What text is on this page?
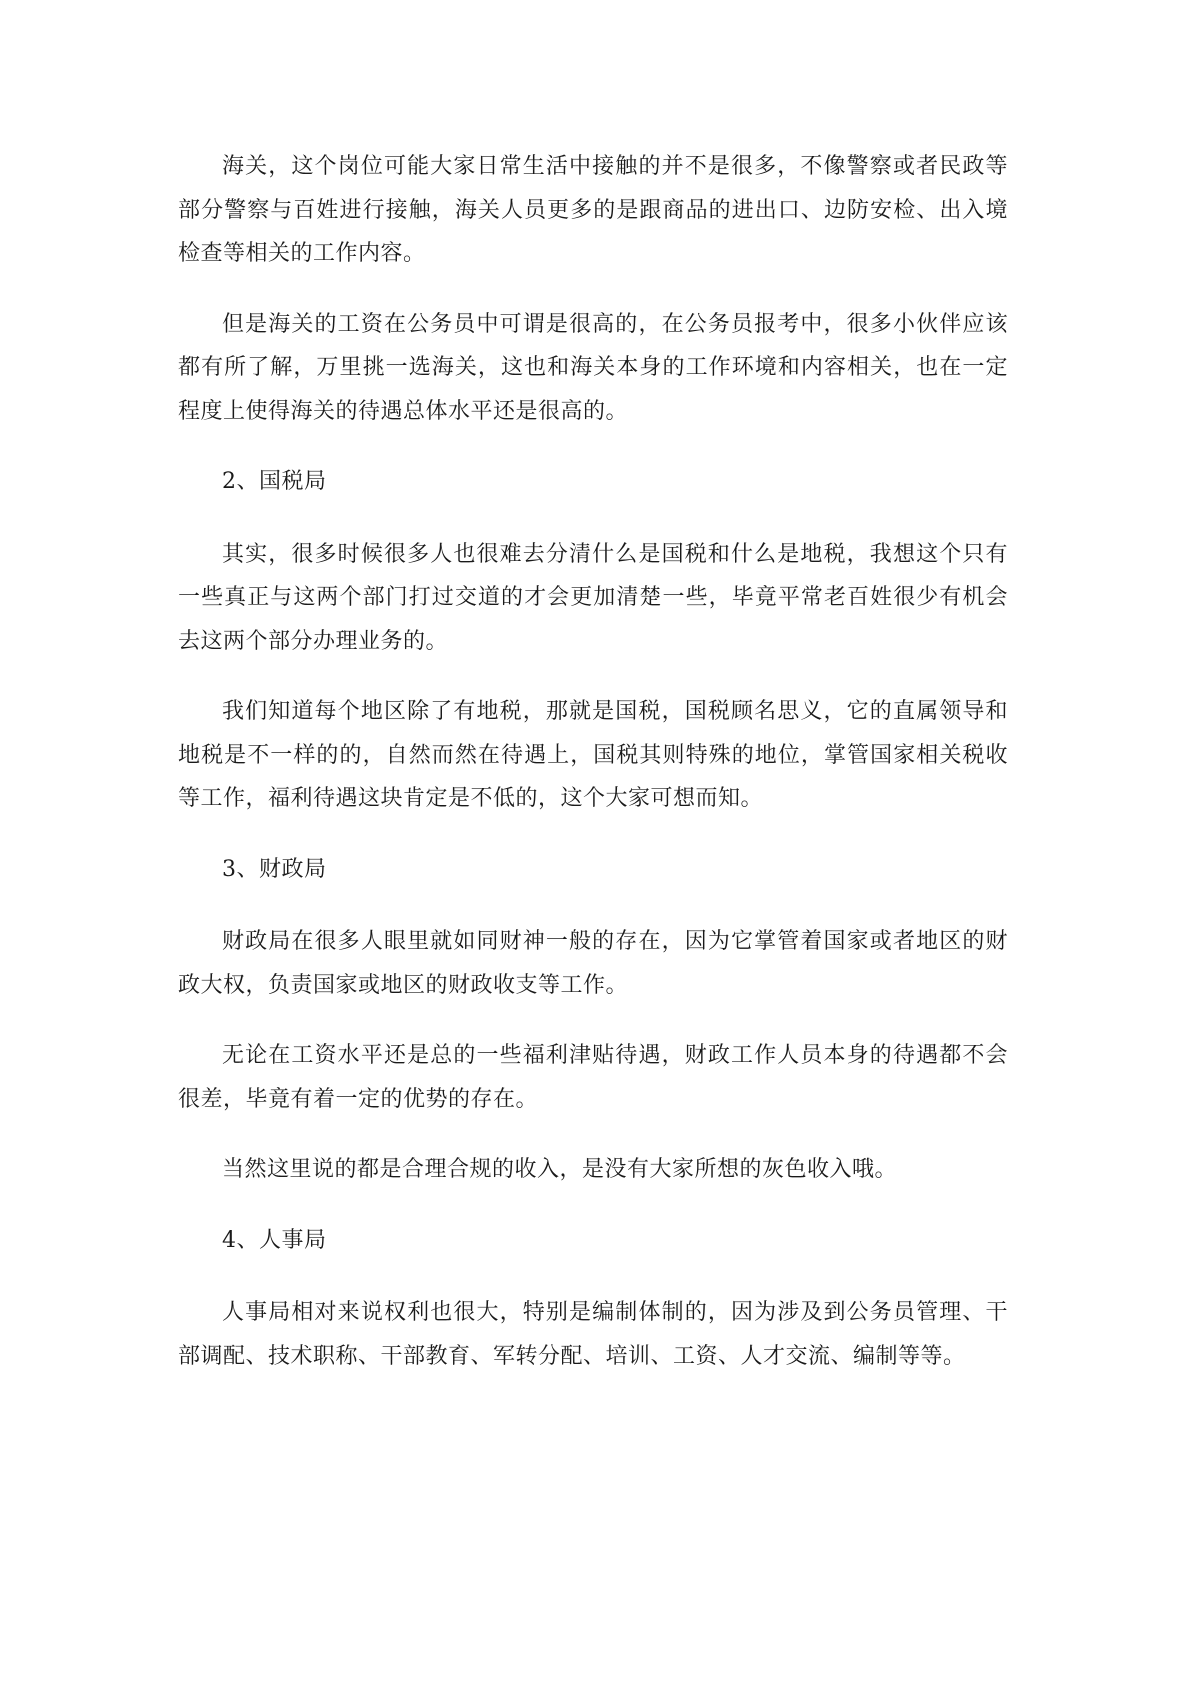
海关，这个岗位可能大家日常生活中接触的并不是很多，不像警察或者民政等部分警察与百姓进行接触，海关人员更多的是跟商品的进出口、边防安检、出入境检查等相关的工作内容。

但是海关的工资在公务员中可谓是很高的，在公务员报考中，很多小伙伴应该都有所了解，万里挑一选海关，这也和海关本身的工作环境和内容相关，也在一定程度上使得海关的待遇总体水平还是很高的。

2、国税局

其实，很多时候很多人也很难去分清什么是国税和什么是地税，我想这个只有一些真正与这两个部门打过交道的才会更加清楚一些，毕竟平常老百姓很少有机会去这两个部分办理业务的。

我们知道每个地区除了有地税，那就是国税，国税顾名思义，它的直属领导和地税是不一样的的，自然而然在待遇上，国税其则特殊的地位，掌管国家相关税收等工作，福利待遇这块肯定是不低的，这个大家可想而知。

3、财政局

财政局在很多人眼里就如同财神一般的存在，因为它掌管着国家或者地区的财政大权，负责国家或地区的财政收支等工作。

无论在工资水平还是总的一些福利津贴待遇，财政工作人员本身的待遇都不会很差，毕竟有着一定的优势的存在。

当然这里说的都是合理合规的收入，是没有大家所想的灰色收入哦。

4、人事局

人事局相对来说权利也很大，特别是编制体制的，因为涉及到公务员管理、干部调配、技术职称、干部教育、军转分配、培训、工资、人才交流、编制等等。
